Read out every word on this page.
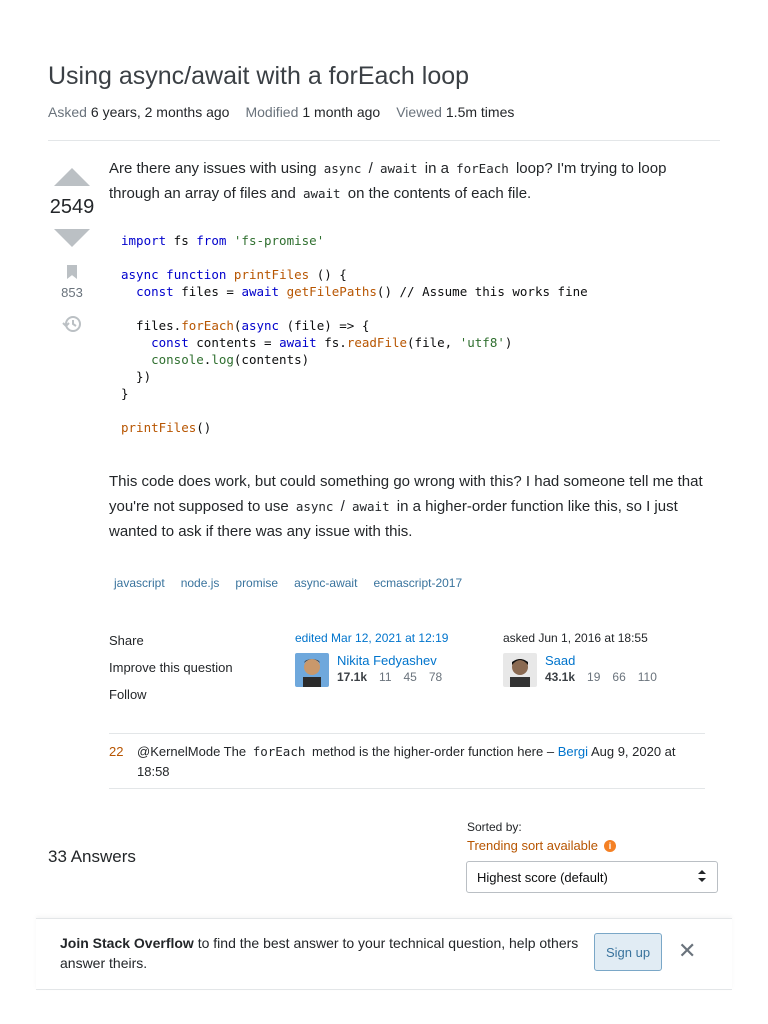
Using async/await with a forEach loop
Asked 6 years, 2 months ago Modified 1 month ago Viewed 1.5m times
2549
853

Are there any issues with using async / await in a forEach loop? I'm trying to loop through an array of files and await on the contents of each file.

import fs from 'fs-promise'

async function printFiles () {
const files = await getFilePaths() // Assume this works fine

files.forEach(async (file) => {
const contents = await fs.readFile(file, 'utf8')
console.log(contents)
})
}

printFiles()

This code does work, but could something go wrong with this? I had someone tell me that you're not supposed to use async / await in a higher-order function like this, so I just wanted to ask if there was any issue with this.

javascript	node.js	promise	async-await	ecmascript-2017
Share
Improve this question
Follow
edited Mar 12, 2021 at 12:19
Nikita Fedyashev
17.1k 11 45 78
asked Jun 1, 2016 at 18:55
Saad
43.1k 19 66 110
22 @KernelMode The forEach method is the higher-order function here – Bergi Aug 9, 2020 at 18:58
33 Answers
Sorted by:
Trending sort available	i
Highest score (default)
Join Stack Overflow to find the best answer to your technical question, help others answer theirs.
Sign up	✕
